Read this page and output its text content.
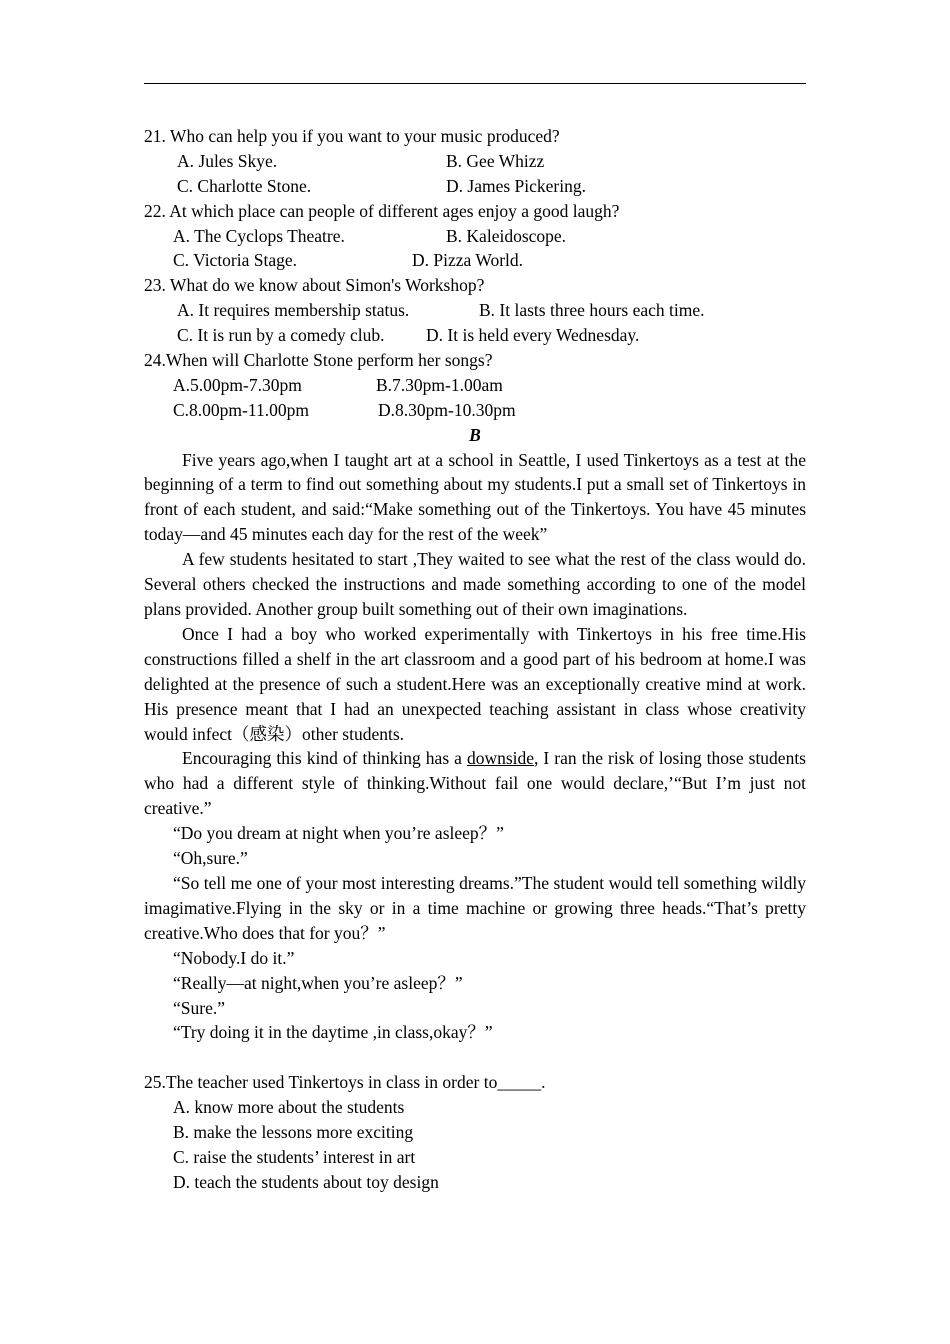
21. Who can help you if you want to your music produced?
A. Jules Skye.	B. Gee Whizz
C. Charlotte Stone.	D. James Pickering.
22. At which place can people of different ages enjoy a good laugh?
A. The Cyclops Theatre.	B. Kaleidoscope.
C. Victoria Stage.	D. Pizza World.
23. What do we know about Simon's Workshop?
A. It requires membership status.	B. It lasts three hours each time.
C. It is run by a comedy club. D. It is held every Wednesday.
24.When will Charlotte Stone perform her songs?
A.5.00pm-7.30pm	B.7.30pm-1.00am
C.8.00pm-11.00pm	D.8.30pm-10.30pm
B

Five years ago,when I taught art at a school in Seattle, I used Tinkertoys as a test at the beginning of a term to find out something about my students.I put a small set of Tinkertoys in front of each student, and said:“Make something out of the Tinkertoys. You have 45 minutes today—and 45 minutes each day for the rest of the week”

A few students hesitated to start ,They waited to see what the rest of the class would do. Several others checked the instructions and made something according to one of the model plans provided. Another group built something out of their own imaginations.

Once I had a boy who worked experimentally with Tinkertoys in his free time.His constructions filled a shelf in the art classroom and a good part of his bedroom at home.I was delighted at the presence of such a student.Here was an exceptionally creative mind at work. His presence meant that I had an unexpected teaching assistant in class whose creativity would infect（感染）other students.

Encouraging this kind of thinking has a downside, I ran the risk of losing those students who had a different style of thinking.Without fail one would declare,’“But I’m just not creative.”

“Do you dream at night when you’re asleep？”

“Oh,sure.”

“So tell me one of your most interesting dreams.”The student would tell something wildly imagimative.Flying in the sky or in a time machine or growing three heads.“That’s pretty creative.Who does that for you？”

“Nobody.I do it.”

“Really—at night,when you’re asleep？”

“Sure.”

“Try doing it in the daytime ,in class,okay？”

25.The teacher used Tinkertoys in class in order to_____.
A. know more about the students
B. make the lessons more exciting
C. raise the students’ interest in art
D. teach the students about toy design
